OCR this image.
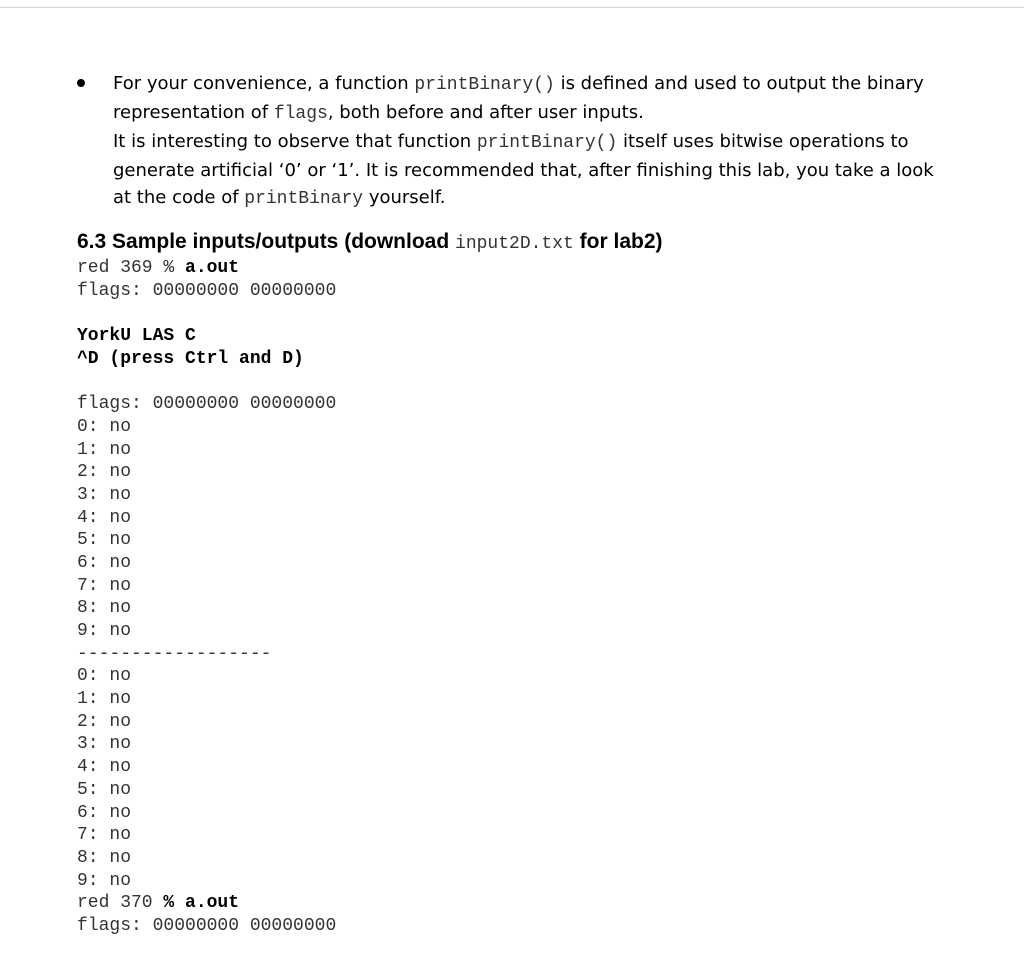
For your convenience, a function printBinary() is defined and used to output the binary
representation of flags, both before and after user inputs.
It is interesting to observe that function printBinary() itself uses bitwise operations to
generate artificial ‘0’ or ‘1’. It is recommended that, after finishing this lab, you take a look
at the code of printBinary yourself.
6.3 Sample inputs/outputs (download input2D.txt for lab2)
red 369 % a.out
flags: 00000000 00000000
YorkU LAS C
^D (press Ctrl and D)
flags: 00000000 00000000
0: no
1: no
2: no
3: no
4: no
5: no
6: no
7: no
8: no
9: no
------------------
0: no
1: no
2: no
3: no
4: no
5: no
6: no
7: no
8: no
9: no
red 370 % a.out
flags: 00000000 00000000
